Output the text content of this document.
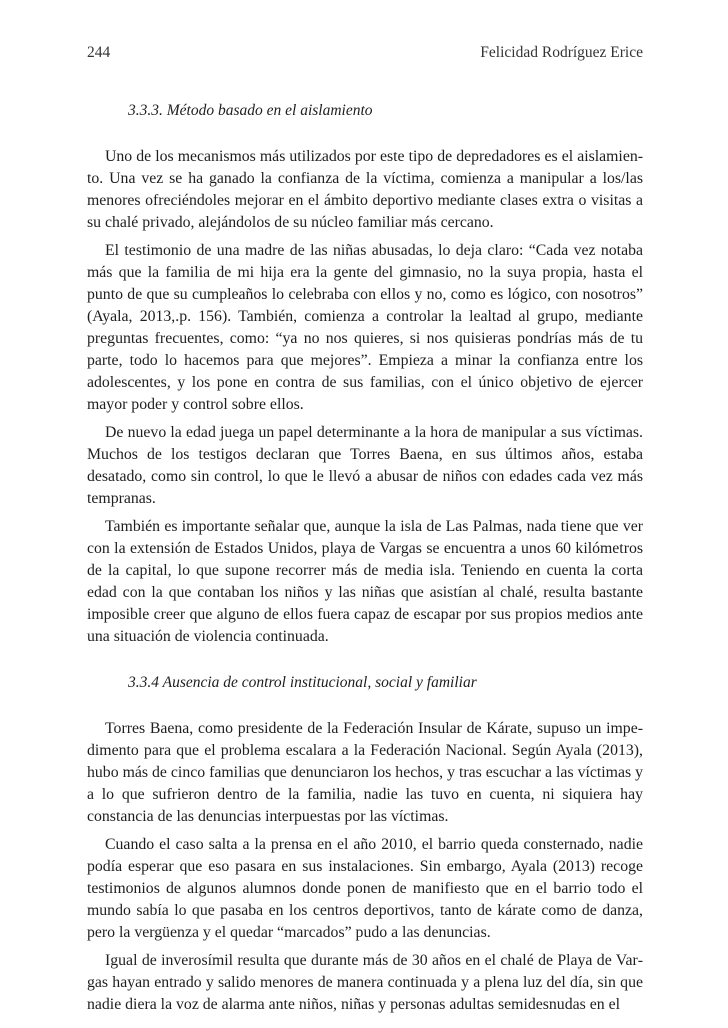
244	Felicidad Rodríguez Erice

3.3.3. Método basado en el aislamiento

Uno de los mecanismos más utilizados por este tipo de depredadores es el aislamiento. Una vez se ha ganado la confianza de la víctima, comienza a manipular a los/las menores ofreciéndoles mejorar en el ámbito deportivo mediante clases extra o visitas a su chalé privado, alejándolos de su núcleo familiar más cercano.

El testimonio de una madre de las niñas abusadas, lo deja claro: “Cada vez notaba más que la familia de mi hija era la gente del gimnasio, no la suya propia, hasta el punto de que su cumpleaños lo celebraba con ellos y no, como es lógico, con nosotros” (Ayala, 2013,.p. 156). También, comienza a controlar la lealtad al grupo, mediante preguntas frecuentes, como: “ya no nos quieres, si nos quisieras pondrías más de tu parte, todo lo hacemos para que mejores”. Empieza a minar la confianza entre los adolescentes, y los pone en contra de sus familias, con el único objetivo de ejercer mayor poder y control sobre ellos.

De nuevo la edad juega un papel determinante a la hora de manipular a sus víctimas. Muchos de los testigos declaran que Torres Baena, en sus últimos años, estaba desatado, como sin control, lo que le llevó a abusar de niños con edades cada vez más tempranas.

También es importante señalar que, aunque la isla de Las Palmas, nada tiene que ver con la extensión de Estados Unidos, playa de Vargas se encuentra a unos 60 kilómetros de la capital, lo que supone recorrer más de media isla. Teniendo en cuenta la corta edad con la que contaban los niños y las niñas que asistían al chalé, resulta bastante imposible creer que alguno de ellos fuera capaz de escapar por sus propios medios ante una situación de violencia continuada.

3.3.4 Ausencia de control institucional, social y familiar

Torres Baena, como presidente de la Federación Insular de Kárate, supuso un impedimento para que el problema escalara a la Federación Nacional. Según Ayala (2013), hubo más de cinco familias que denunciaron los hechos, y tras escuchar a las víctimas y a lo que sufrieron dentro de la familia, nadie las tuvo en cuenta, ni siquiera hay constancia de las denuncias interpuestas por las víctimas.

Cuando el caso salta a la prensa en el año 2010, el barrio queda consternado, nadie podía esperar que eso pasara en sus instalaciones. Sin embargo, Ayala (2013) recoge testimonios de algunos alumnos donde ponen de manifiesto que en el barrio todo el mundo sabía lo que pasaba en los centros deportivos, tanto de kárate como de danza, pero la vergüenza y el quedar “marcados” pudo a las denuncias.

Igual de inverosímil resulta que durante más de 30 años en el chalé de Playa de Vargas hayan entrado y salido menores de manera continuada y a plena luz del día, sin que nadie diera la voz de alarma ante niños, niñas y personas adultas semidesnudas en el
